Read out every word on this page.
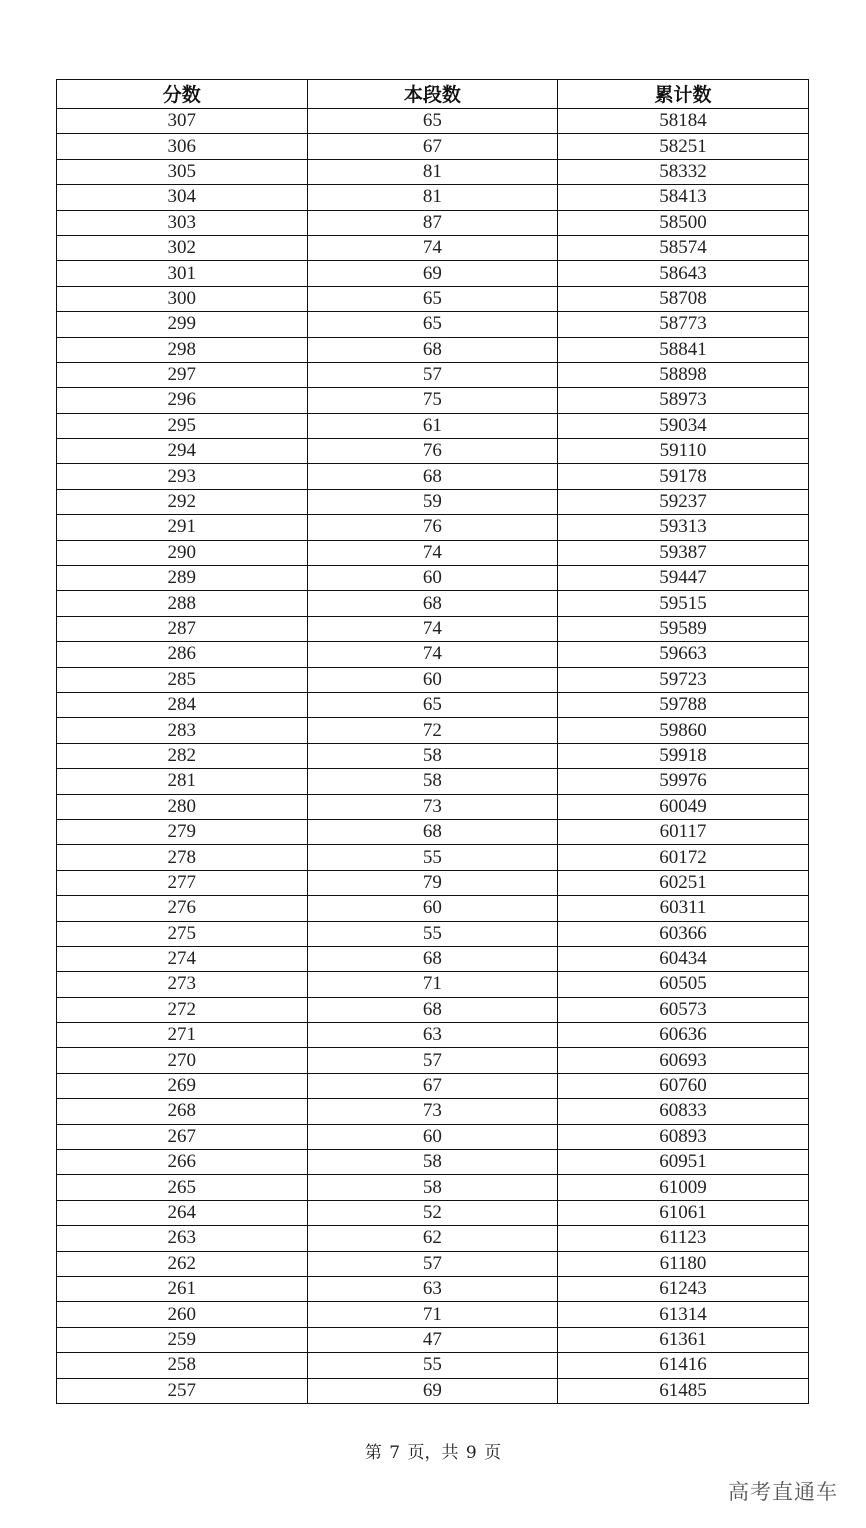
分数	本段数	累计数
307	65	58184
306	67	58251
305	81	58332
304	81	58413
303	87	58500
302	74	58574
301	69	58643
300	65	58708
299	65	58773
298	68	58841
297	57	58898
296	75	58973
295	61	59034
294	76	59110
293	68	59178
292	59	59237
291	76	59313
290	74	59387
289	60	59447
288	68	59515
287	74	59589
286	74	59663
285	60	59723
284	65	59788
283	72	59860
282	58	59918
281	58	59976
280	73	60049
279	68	60117
278	55	60172
277	79	60251
276	60	60311
275	55	60366
274	68	60434
273	71	60505
272	68	60573
271	63	60636
270	57	60693
269	67	60760
268	73	60833
267	60	60893
266	58	60951
265	58	61009
264	52	61061
263	62	61123
262	57	61180
261	63	61243
260	71	61314
259	47	61361
258	55	61416
257	69	61485
第 7 页，共 9 页
高考直通车
